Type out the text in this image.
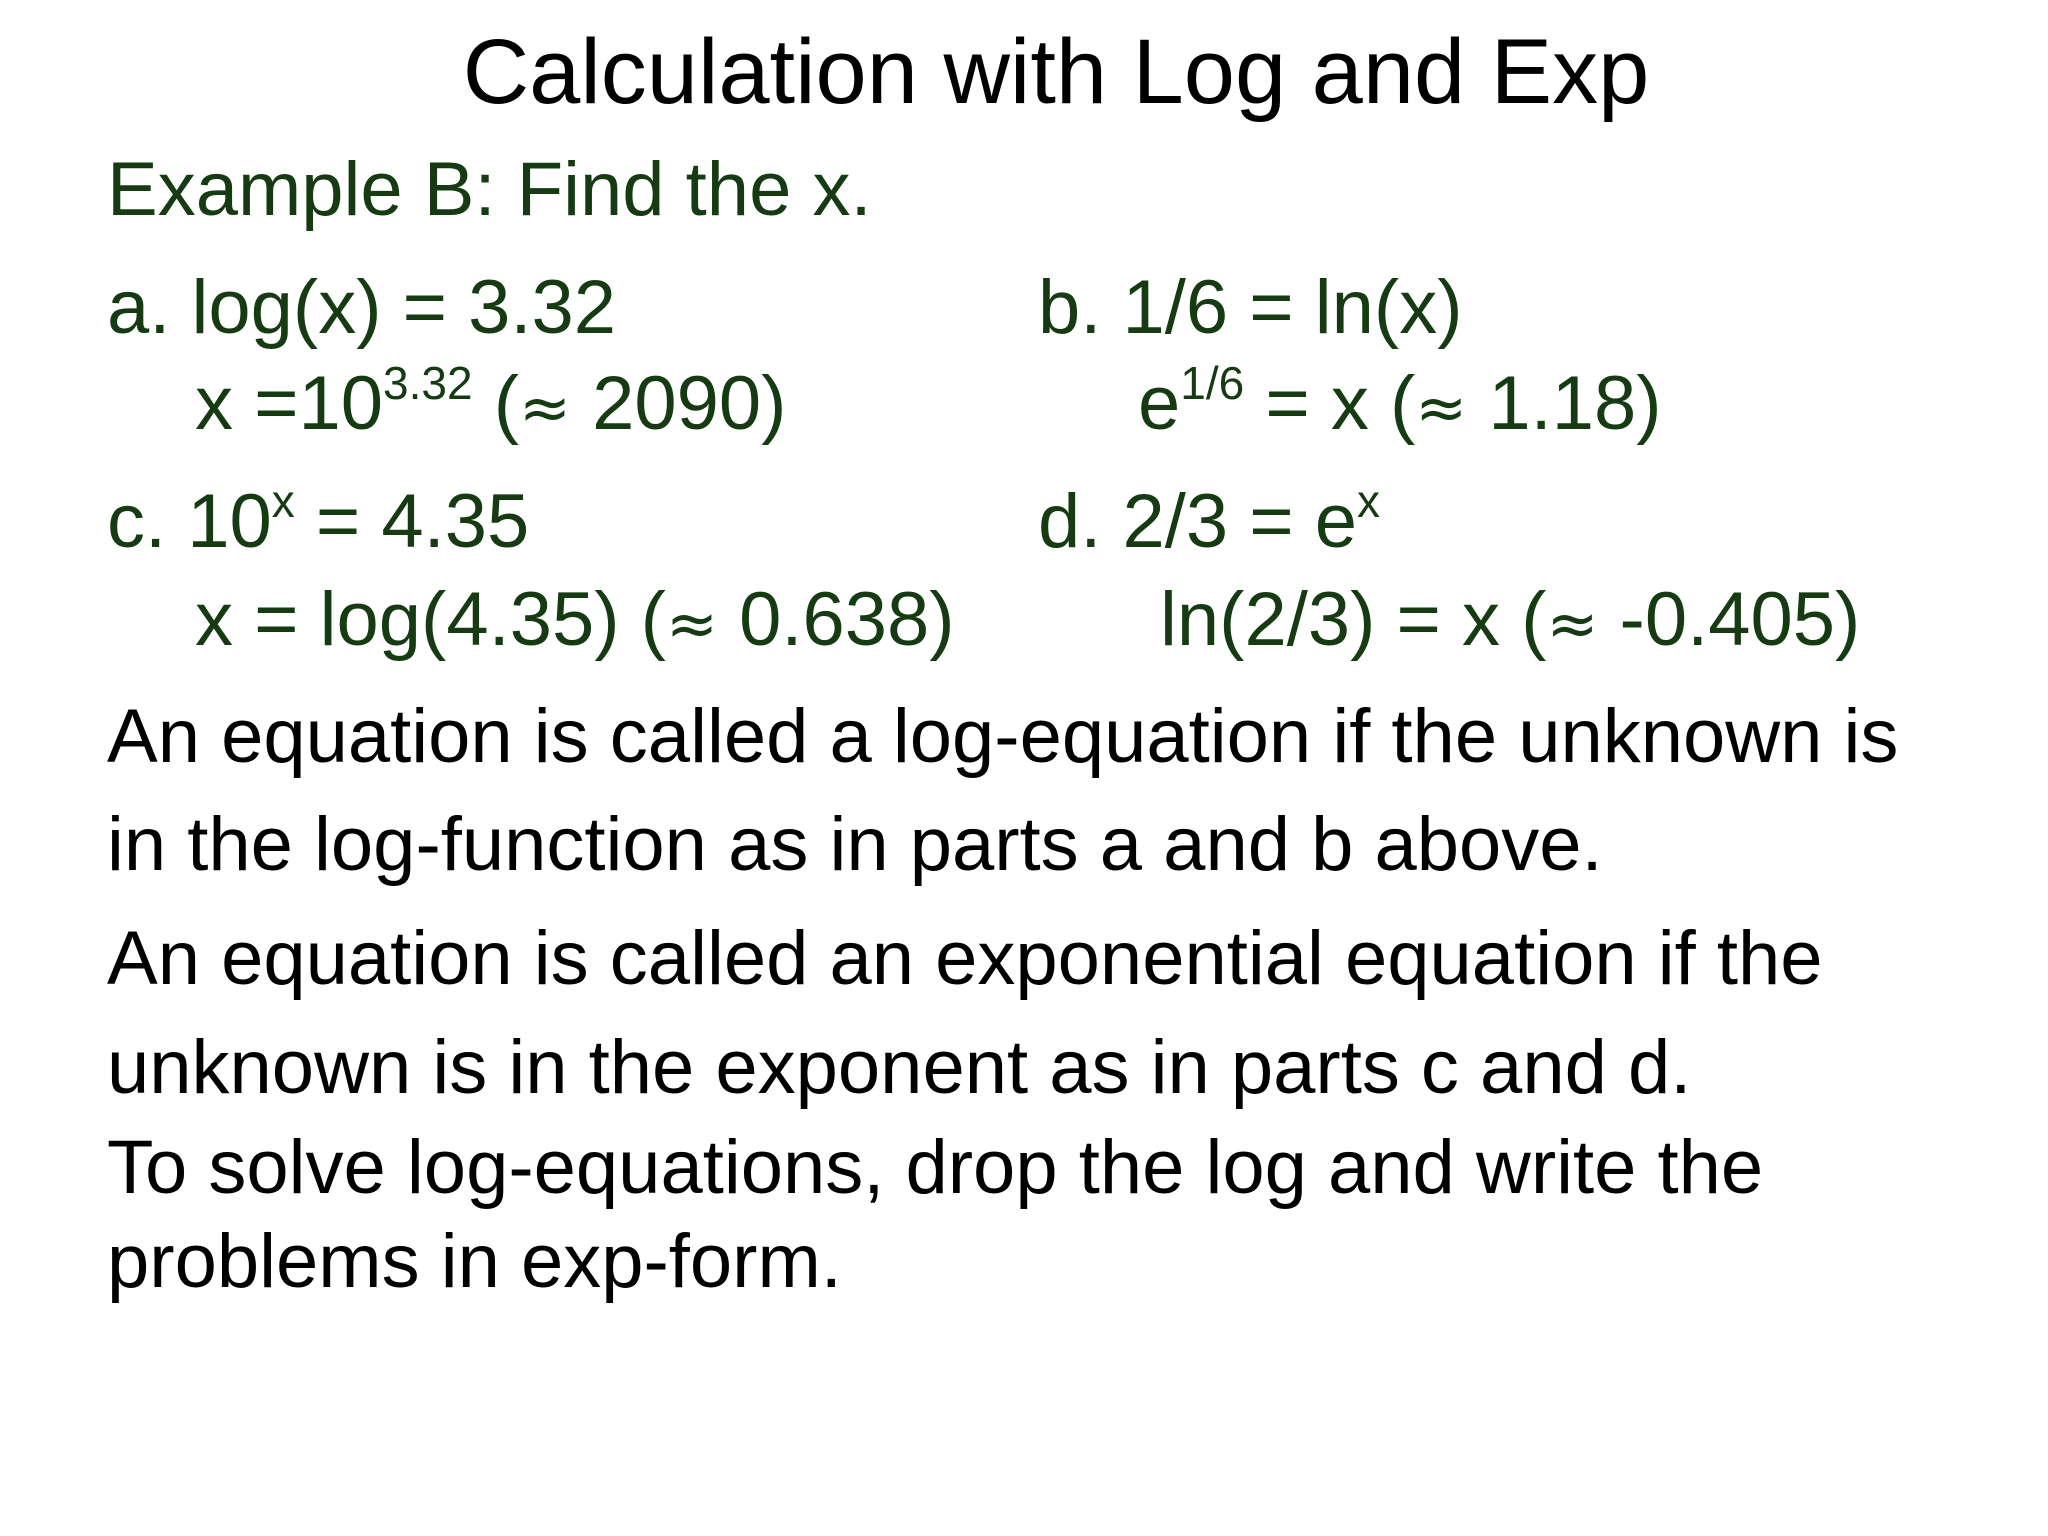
Calculation with Log and Exp
Example B: Find the x.
a. log(x) = 3.32
$x =10^{3.32}$ (≈ 2090)
b. 1/6 = ln(x)
$e^{1/6} = x$ (≈ 1.18)
c. $10^x = 4.35$
x = log(4.35) (≈ 0.638)
d. $2/3 = e^x$
ln(2/3) = x (≈ -0.405)
An equation is called a log-equation if the unknown is
in the log-function as in parts a and b above.
An equation is called an exponential equation if the
unknown is in the exponent as in parts c and d.
To solve log-equations, drop the log and write the
problems in exp-form.
